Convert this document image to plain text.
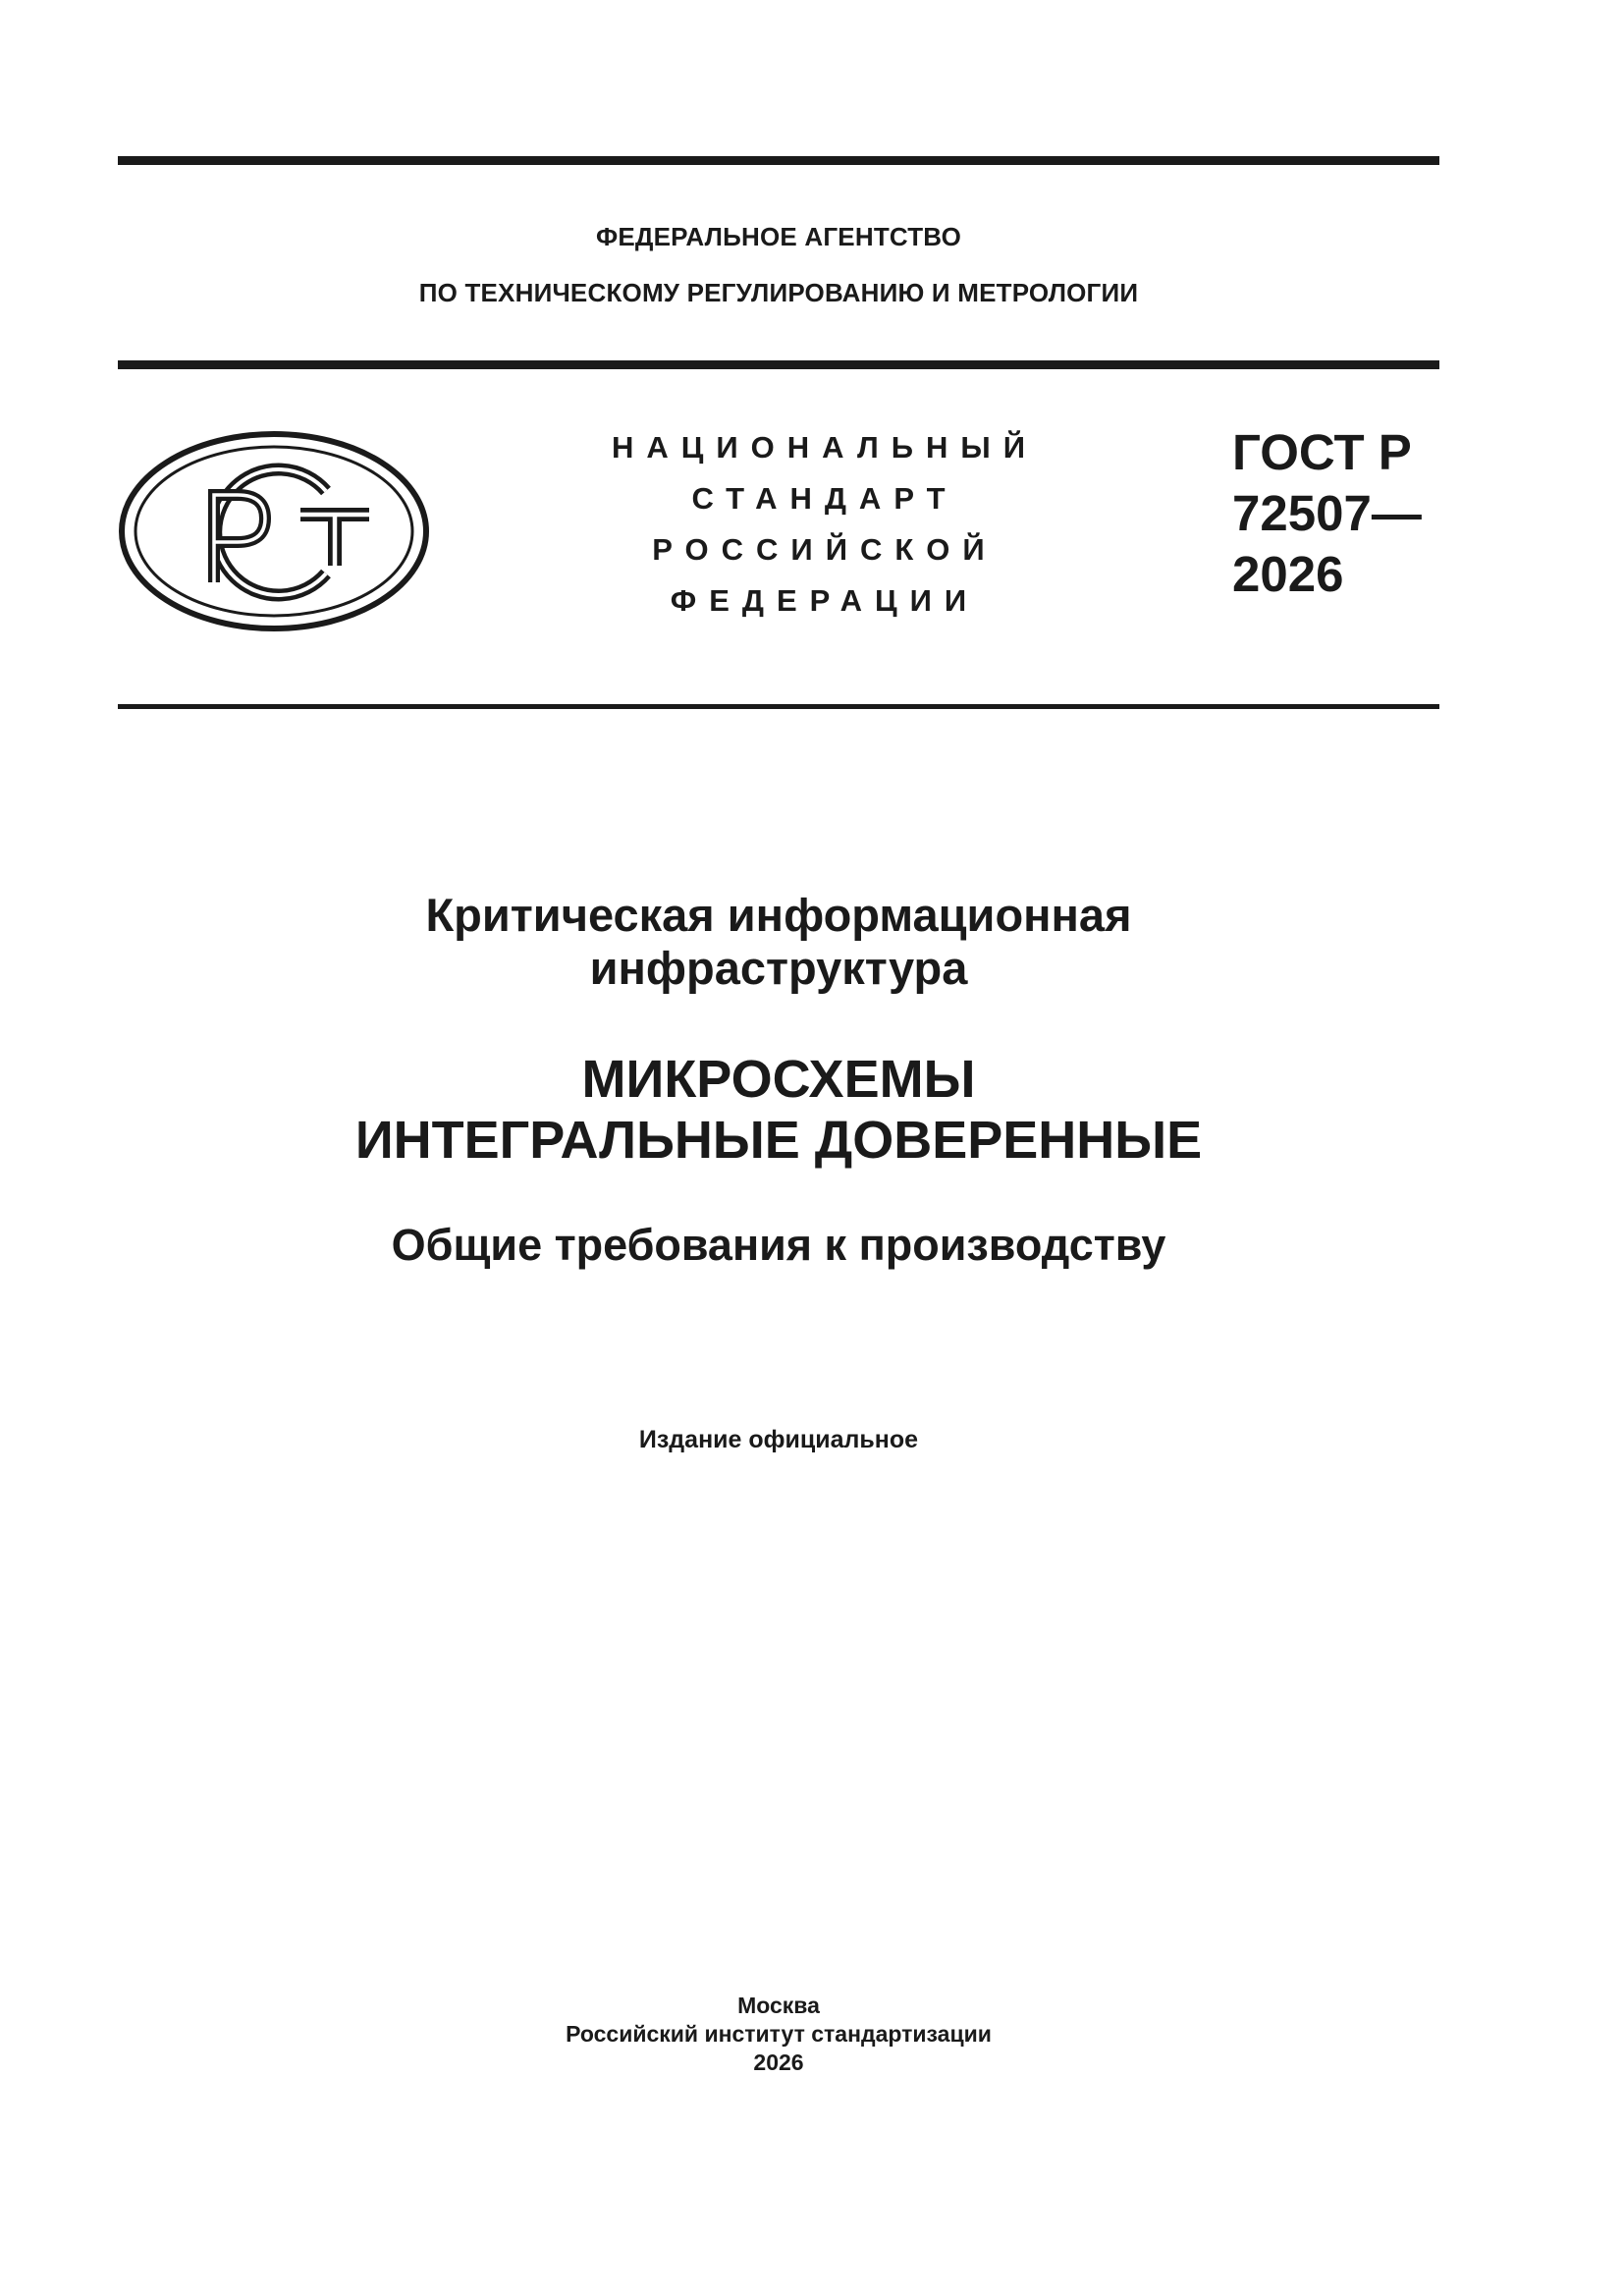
ФЕДЕРАЛЬНОЕ АГЕНТСТВО
ПО ТЕХНИЧЕСКОМУ РЕГУЛИРОВАНИЮ И МЕТРОЛОГИИ
НАЦИОНАЛЬНЫЙ
СТАНДАРТ
РОССИЙСКОЙ
ФЕДЕРАЦИИ
ГОСТ Р
72507—
2026
Критическая информационная
инфраструктура
МИКРОСХЕМЫ
ИНТЕГРАЛЬНЫЕ ДОВЕРЕННЫЕ
Общие требования к производству
Издание официальное
Москва
Российский институт стандартизации
2026
